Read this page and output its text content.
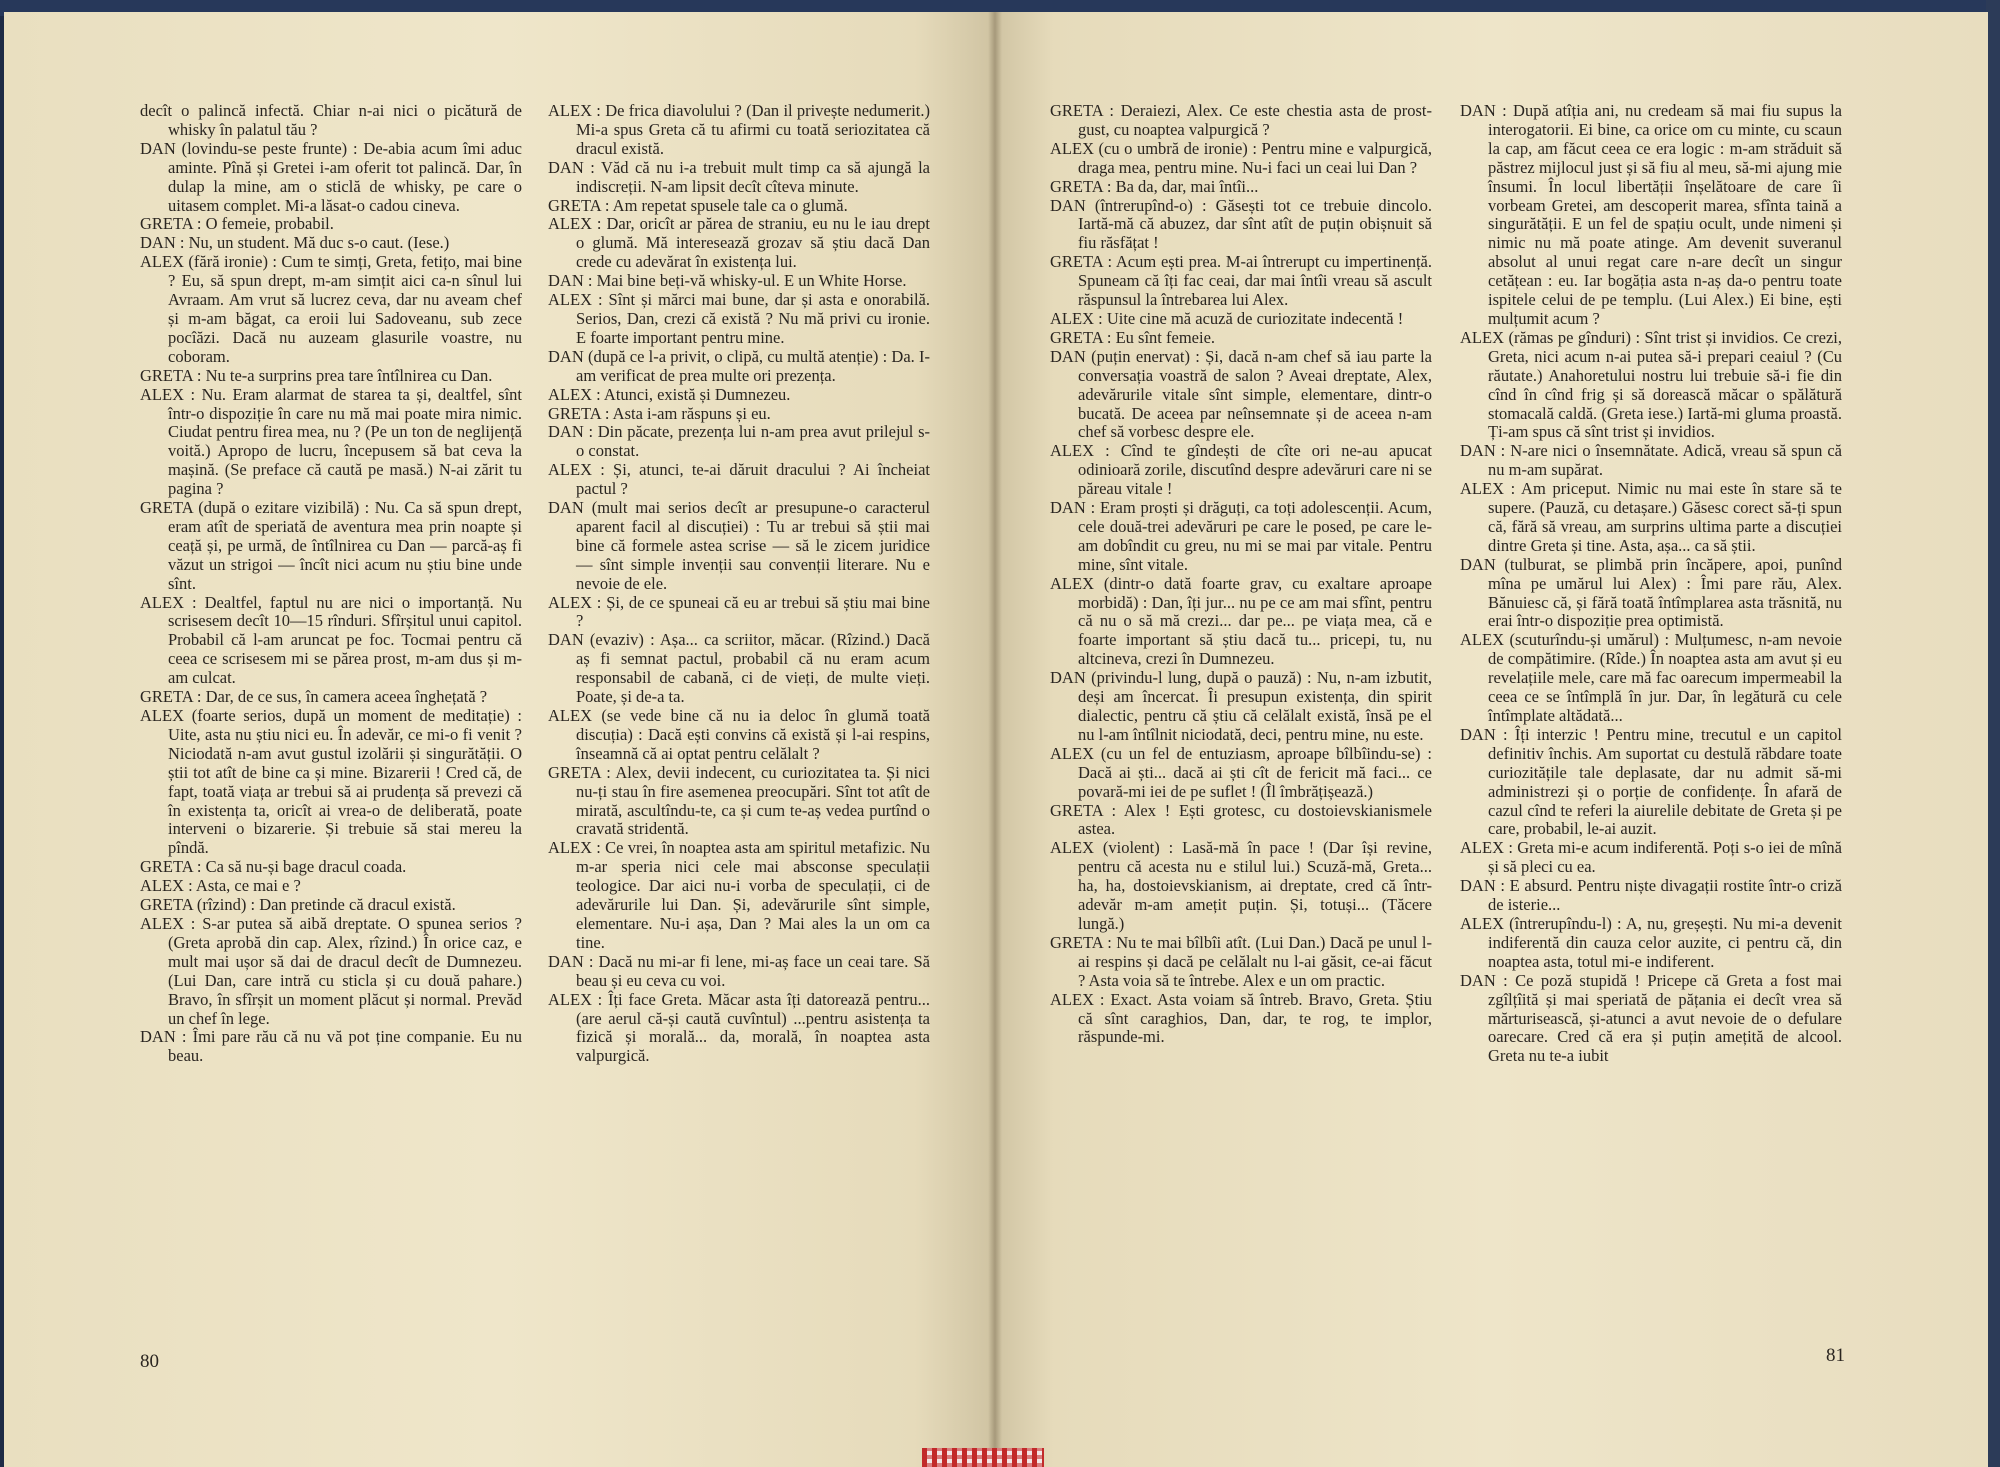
decît o palincă infectă. Chiar n-ai nici o picătură de whisky în palatul tău ?

DAN (lovindu-se peste frunte) : De-abia acum îmi aduc aminte. Pînă și Gretei i-am oferit tot palincă. Dar, în dulap la mine, am o sticlă de whisky, pe care o uitasem complet. Mi-a lăsat-o cadou cineva.

GRETA : O femeie, probabil.

DAN : Nu, un student. Mă duc s-o caut. (Iese.)

ALEX (fără ironie) : Cum te simți, Greta, fetițo, mai bine ? Eu, să spun drept, m-am simțit aici ca-n sînul lui Avraam. Am vrut să lucrez ceva, dar nu aveam chef și m-am băgat, ca eroii lui Sadoveanu, sub zece pocîăzi. Dacă nu auzeam glasurile voastre, nu coboram.

GRETA : Nu te-a surprins prea tare întîlnirea cu Dan.

ALEX : Nu. Eram alarmat de starea ta și, dealtfel, sînt într-o dispoziție în care nu mă mai poate mira nimic. Ciudat pentru firea mea, nu ? (Pe un ton de neglijență voită.) Apropo de lucru, începusem să bat ceva la mașină. (Se preface că caută pe masă.) N-ai zărit tu pagina ?

GRETA (după o ezitare vizibilă) : Nu. Ca să spun drept, eram atît de speriată de aventura mea prin noapte și ceață și, pe urmă, de întîlnirea cu Dan — parcă-aș fi văzut un strigoi — încît nici acum nu știu bine unde sînt.

ALEX : Dealtfel, faptul nu are nici o importanță. Nu scrisesem decît 10—15 rînduri. Sfîrșitul unui capitol. Probabil că l-am aruncat pe foc. Tocmai pentru că ceea ce scrisesem mi se părea prost, m-am dus și m-am culcat.

GRETA : Dar, de ce sus, în camera aceea înghețată ?

ALEX (foarte serios, după un moment de meditație) : Uite, asta nu știu nici eu. În adevăr, ce mi-o fi venit ? Niciodată n-am avut gustul izolării și singurătății. O știi tot atît de bine ca și mine. Bizareriі ! Cred că, de fapt, toată viața ar trebui să ai prudența să prevezi că în existența ta, oricît ai vrea-o de deliberată, poate interveni o bizarerie. Și trebuie să stai mereu la pîndă.

GRETA : Ca să nu-și bage dracul coada.

ALEX : Asta, ce mai e ?

GRETA (rîzind) : Dan pretinde că dracul există.

ALEX : S-ar putea să aibă dreptate. O spunea serios ? (Greta aprobă din cap. Alex, rîzind.) În orice caz, e mult mai ușor să dai de dracul decît de Dumnezeu. (Lui Dan, care intră cu sticla și cu două pahare.) Bravo, în sfîrșit un moment plăcut și normal. Prevăd un chef în lege.

DAN : Îmi pare rău că nu vă pot ține companie. Eu nu beau.

ALEX : De frica diavolului ? (Dan il privește nedumerit.) Mi-a spus Greta că tu afirmi cu toată seriozitatea că dracul există.

DAN : Văd că nu i-a trebuit mult timp ca să ajungă la indiscreții. N-am lipsit decît cîteva minute.

GRETA : Am repetat spusele tale ca o glumă.

ALEX : Dar, oricît ar părea de straniu, eu nu le iau drept o glumă. Mă interesează grozav să știu dacă Dan crede cu adevărat în existența lui.

DAN : Mai bine beți-vă whisky-ul. E un White Horse.

ALEX : Sînt și mărci mai bune, dar și asta e onorabilă. Serios, Dan, crezi că există ? Nu mă privi cu ironie. E foarte important pentru mine.

DAN (după ce l-a privit, o clipă, cu multă atenție) : Da. I-am verificat de prea multe ori prezența.

ALEX : Atunci, există și Dumnezeu.

GRETA : Asta i-am răspuns și eu.

DAN : Din păcate, prezența lui n-am prea avut prilejul s-o constat.

ALEX : Și, atunci, te-ai dăruit dracului ? Ai încheiat pactul ?

DAN (mult mai serios decît ar presupune-o caracterul aparent facil al discuției) : Tu ar trebui să știi mai bine că formele astea scrise — să le zicem juridice — sînt simple invenții sau convenții literare. Nu e nevoie de ele.

ALEX : Și, de ce spuneai că eu ar trebui să știu mai bine ?

DAN (evaziv) : Așa... ca scriitor, măcar. (Rîzind.) Dacă aș fi semnat pactul, probabil că nu eram acum responsabil de cabană, ci de vieți, de multe vieți. Poate, și de-a ta.

ALEX (se vede bine că nu ia deloc în glumă toată discuția) : Dacă ești convins că există și l-ai respins, înseamnă că ai optat pentru celălalt ?

GRETA : Alex, devii indecent, cu curiozitatea ta. Și nici nu-ți stau în fire asemenea preocupări. Sînt tot atît de mirată, ascultîndu-te, ca și cum te-aș vedea purtînd o cravată stridentă.

ALEX : Ce vrei, în noaptea asta am spiritul metafizic. Nu m-ar speria nici cele mai absconse speculații teologice. Dar aici nu-i vorba de speculații, ci de adevărurile lui Dan. Și, adevărurile sînt simple, elementare. Nu-i așa, Dan ? Mai ales la un om ca tine.

DAN : Dacă nu mi-ar fi lene, mi-aș face un ceai tare. Să beau și eu ceva cu voi.

ALEX : Îți face Greta. Măcar asta îți datorează pentru... (are aerul că-și caută cuvîntul) ...pentru asistența ta fizică și morală... da, morală, în noaptea asta valpurgică.

80

GRETA : Deraiezi, Alex. Ce este chestia asta de prost-gust, cu noaptea valpurgică ?

ALEX (cu o umbră de ironie) : Pentru mine e valpurgică, draga mea, pentru mine. Nu-i faci un ceai lui Dan ?

GRETA : Ba da, dar, mai întîi...

DAN (întrerupînd-o) : Găsești tot ce trebuie dincolo. Iartă-mă că abuzez, dar sînt atît de puțin obișnuit să fiu răsfățat !

GRETA : Acum ești prea. M-ai întrerupt cu impertinență. Spuneam că îți fac ceai, dar mai întîi vreau să ascult răspunsul la întrebarea lui Alex.

ALEX : Uite cine mă acuză de curiozitate indecentă !

GRETA : Eu sînt femeie.

DAN (puțin enervat) : Și, dacă n-am chef să iau parte la conversația voastră de salon ? Aveai dreptate, Alex, adevărurile vitale sînt simple, elementare, dintr-o bucată. De aceea par neînsemnate și de aceea n-am chef să vorbesc despre ele.

ALEX : Cînd te gîndești de cîte ori ne-au apucat odinioară zorile, discutînd despre adevăruri care ni se păreau vitale !

DAN : Eram proști și drăguți, ca toți adolescenții. Acum, cele două-trei adevăruri pe care le posed, pe care le-am dobîndit cu greu, nu mi se mai par vitale. Pentru mine, sînt vitale.

ALEX (dintr-o dată foarte grav, cu exaltare aproape morbidă) : Dan, îți jur... nu pe ce am mai sfînt, pentru că nu o să mă crezi... dar pe... pe viața mea, că e foarte important să știu dacă tu... pricepi, tu, nu altcineva, crezi în Dumnezeu.

DAN (privindu-l lung, după o pauză) : Nu, n-am izbutit, deși am încercat. Îi presupun existența, din spirit dialectic, pentru că știu că celălalt există, însă pe el nu l-am întîlnit niciodată, deci, pentru mine, nu este.

ALEX (cu un fel de entuziasm, aproape bîlbîindu-se) : Dacă ai ști... dacă ai ști cît de fericit mă faci... ce povară-mi iei de pe suflet ! (Îl îmbrățișează.)

GRETA : Alex ! Ești grotesc, cu dostoievskianismele astea.

ALEX (violent) : Lasă-mă în pace ! (Dar își revine, pentru că acesta nu e stilul lui.) Scuză-mă, Greta... ha, ha, dostoievskianism, ai dreptate, cred că într-adevăr m-am amețit puțin. Și, totuși... (Tăcere lungă.)

GRETA : Nu te mai bîlbîi atît. (Lui Dan.) Dacă pe unul l-ai respins și dacă pe celălalt nu l-ai găsit, ce-ai făcut ? Asta voia să te întrebe. Alex e un om practic.

ALEX : Exact. Asta voiam să întreb. Bravo, Greta. Știu că sînt caraghios, Dan, dar, te rog, te implor, răspunde-mi.

DAN : După atîția ani, nu credeam să mai fiu supus la interogatorii. Ei bine, ca orice om cu minte, cu scaun la cap, am făcut ceea ce era logic : m-am străduit să păstrez mijlocul just și să fiu al meu, să-mi ajung mie însumi. În locul libertății înșelătoare de care îi vorbeam Gretei, am descoperit marea, sfînta taină a singurătății. E un fel de spațiu ocult, unde nimeni și nimic nu mă poate atinge. Am devenit suveranul absolut al unui regat care n-are decît un singur cetățean : eu. Iar bogăția asta n-aș da-o pentru toate ispitele celui de pe templu. (Lui Alex.) Ei bine, ești mulțumit acum ?

ALEX (rămas pe gînduri) : Sînt trist și invidios. Ce crezi, Greta, nici acum n-ai putea să-i prepari ceaiul ? (Cu răutate.) Anahoretului nostru lui trebuie să-i fie din cînd în cînd frig și să dorească măcar o spălătură stomacală caldă. (Greta iese.) Iartă-mi gluma proastă. Ți-am spus că sînt trist și invidios.

DAN : N-are nici o însemnătate. Adică, vreau să spun că nu m-am supărat.

ALEX : Am priceput. Nimic nu mai este în stare să te supere. (Pauză, cu detașare.) Găsesc corect să-ți spun că, fără să vreau, am surprins ultima parte a discuției dintre Greta și tine. Asta, așa... ca să știi.

DAN (tulburat, se plimbă prin încăpere, apoi, punînd mîna pe umărul lui Alex) : Îmi pare rău, Alex. Bănuiesc că, și fără toată întîmplarea asta trăsnită, nu erai într-o dispoziție prea optimistă.

ALEX (scuturîndu-și umărul) : Mulțumesc, n-am nevoie de compătimire. (Rîde.) În noaptea asta am avut și eu revelațiile mele, care mă fac oarecum impermeabil la ceea ce se întîmplă în jur. Dar, în legătură cu cele întîmplate altădată...

DAN : Îți interzic ! Pentru mine, trecutul e un capitol definitiv închis. Am suportat cu destulă răbdare toate curiozitățile tale deplasate, dar nu admit să-mi administrezi și o porție de confidențe. În afară de cazul cînd te referi la aiurelile debitate de Greta și pe care, probabil, le-ai auzit.

ALEX : Greta mi-e acum indiferentă. Poți s-o iei de mînă și să pleci cu ea.

DAN : E absurd. Pentru niște divagații rostite într-o criză de isterie...

ALEX (întrerupîndu-l) : A, nu, greșești. Nu mi-a devenit indiferentă din cauza celor auzite, ci pentru că, din noaptea asta, totul mi-e indiferent.

DAN : Ce poză stupidă ! Pricepe că Greta a fost mai zgîlțîită și mai speriată de pățania ei decît vrea să mărturisească, și-atunci a avut nevoie de o defulare oarecare. Cred că era și puțin amețită de alcool. Greta nu te-a iubit

81
